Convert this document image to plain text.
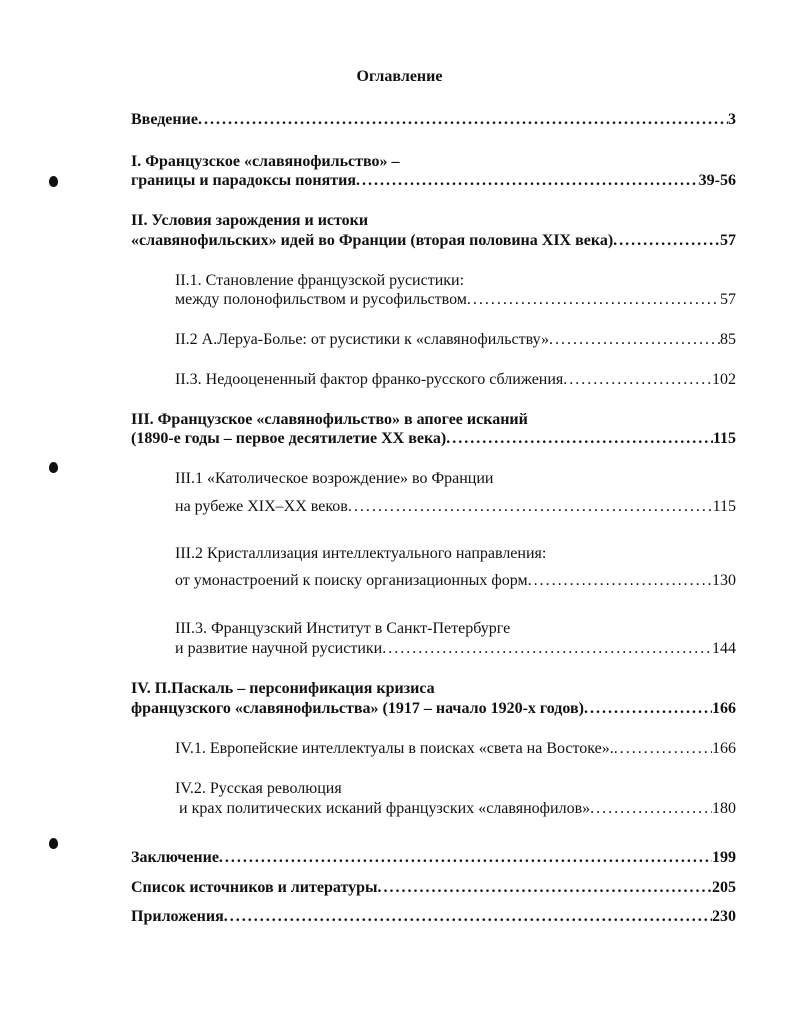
Оглавление
Введение . . .	3
I. Французское «славянофильство» –
границы и парадоксы понятия . . .	39-56
II. Условия зарождения и истоки
«славянофильских» идей во Франции (вторая половина XIX века) . . .	57
II.1. Становление французской русистики:
между полонофильством и русофильством . . .	57
II.2 А.Леруа-Болье: от русистики к «славянофильству» . . .	85
II.3. Недооцененный фактор франко-русского сближения . . .	102
III. Французское «славянофильство» в апогее исканий
(1890-е годы – первое десятилетие XX века) . . .	115
III.1 «Католическое возрождение» во Франции
на рубеже XIX–XX веков . . .	115
III.2 Кристаллизация интеллектуального направления:
от умонастроений к поиску организационных форм . . .	130
III.3. Французский Институт в Санкт-Петербурге
и развитие научной русистики . . .	144
IV. П.Паскаль – персонификация кризиса
французского «славянофильства» (1917 – начало 1920-х годов) . . .	166
IV.1. Европейские интеллектуалы в поисках «света на Востоке». . . .	166
IV.2. Русская революция
и крах политических исканий французских «славянофилов» . . .	180
Заключение . . .	199
Список источников и литературы . . .	205
Приложения . . .	230
